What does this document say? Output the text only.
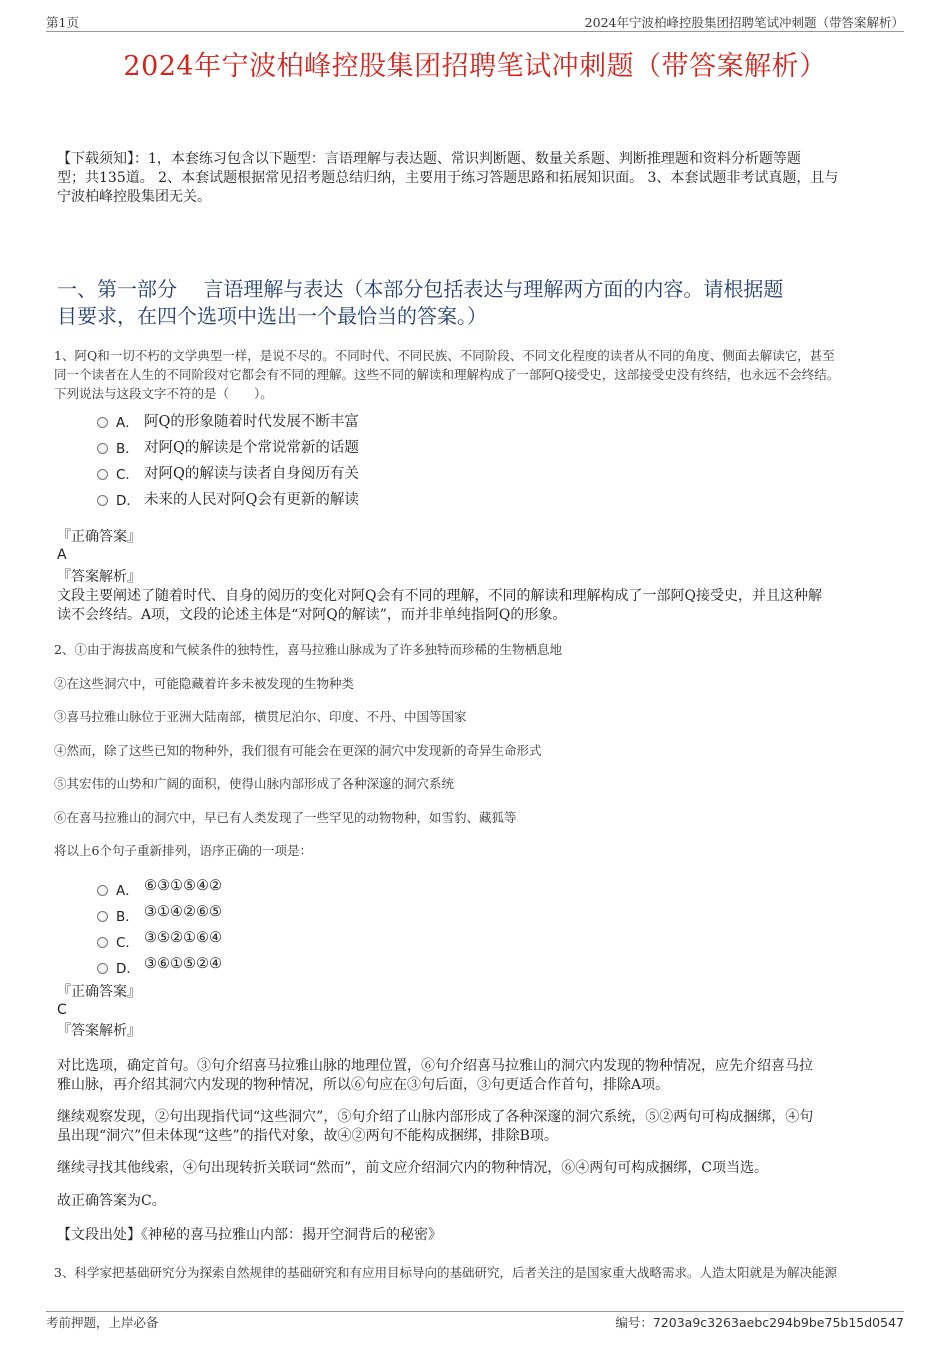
第1页	2024年宁波柏峰控股集团招聘笔试冲刺题（带答案解析）
2024年宁波柏峰控股集团招聘笔试冲刺题（带答案解析）
【下载须知】：1，本套练习包含以下题型：言语理解与表达题、常识判断题、数量关系题、判断推理题和资料分析题等题
型；共135道。 2、本套试题根据常见招考题总结归纳，主要用于练习答题思路和拓展知识面。 3、本套试题非考试真题，且与
宁波柏峰控股集团无关。
一、第一部分　 言语理解与表达（本部分包括表达与理解两方面的内容。请根据题
目要求，在四个选项中选出一个最恰当的答案。）
1、阿Q和一切不朽的文学典型一样，是说不尽的。不同时代、不同民族、不同阶段、不同文化程度的读者从不同的角度、侧面去解读它，甚至
同一个读者在人生的不同阶段对它都会有不同的理解。这些不同的解读和理解构成了一部阿Q接受史，这部接受史没有终结，也永远不会终结。
下列说法与这段文字不符的是（　　）。
A． 阿Q的形象随着时代发展不断丰富
B． 对阿Q的解读是个常说常新的话题
C． 对阿Q的解读与读者自身阅历有关
D． 未来的人民对阿Q会有更新的解读
『正确答案』
A
『答案解析』
文段主要阐述了随着时代、自身的阅历的变化对阿Q会有不同的理解，不同的解读和理解构成了一部阿Q接受史，并且这种解
读不会终结。A项，文段的论述主体是“对阿Q的解读”，而并非单纯指阿Q的形象。
2、①由于海拔高度和气候条件的独特性，喜马拉雅山脉成为了许多独特而珍稀的生物栖息地
②在这些洞穴中，可能隐藏着许多未被发现的生物种类
③喜马拉雅山脉位于亚洲大陆南部，横贯尼泊尔、印度、不丹、中国等国家
④然而，除了这些已知的物种外，我们很有可能会在更深的洞穴中发现新的奇异生命形式
⑤其宏伟的山势和广阔的面积，使得山脉内部形成了各种深邃的洞穴系统
⑥在喜马拉雅山的洞穴中，早已有人类发现了一些罕见的动物物种，如雪豹、藏狐等
将以上6个句子重新排列，语序正确的一项是：
A． ⑥③①⑤④②
B． ③①④②⑥⑤
C． ③⑤②①⑥④
D． ③⑥①⑤②④
『正确答案』
C
『答案解析』
对比选项，确定首句。③句介绍喜马拉雅山脉的地理位置，⑥句介绍喜马拉雅山的洞穴内发现的物种情况，应先介绍喜马拉
雅山脉，再介绍其洞穴内发现的物种情况，所以⑥句应在③句后面，③句更适合作首句，排除A项。
继续观察发现，②句出现指代词“这些洞穴”，⑤句介绍了山脉内部形成了各种深邃的洞穴系统，⑤②两句可构成捆绑，④句
虽出现“洞穴”但未体现“这些”的指代对象，故④②两句不能构成捆绑，排除B项。
继续寻找其他线索，④句出现转折关联词“然而”，前文应介绍洞穴内的物种情况，⑥④两句可构成捆绑，C项当选。
故正确答案为C。
【文段出处】《神秘的喜马拉雅山内部：揭开空洞背后的秘密》
3、科学家把基础研究分为探索自然规律的基础研究和有应用目标导向的基础研究，后者关注的是国家重大战略需求。人造太阳就是为解决能源
考前押题，上岸必备	编号：7203a9c3263aebc294b9be75b15d0547
